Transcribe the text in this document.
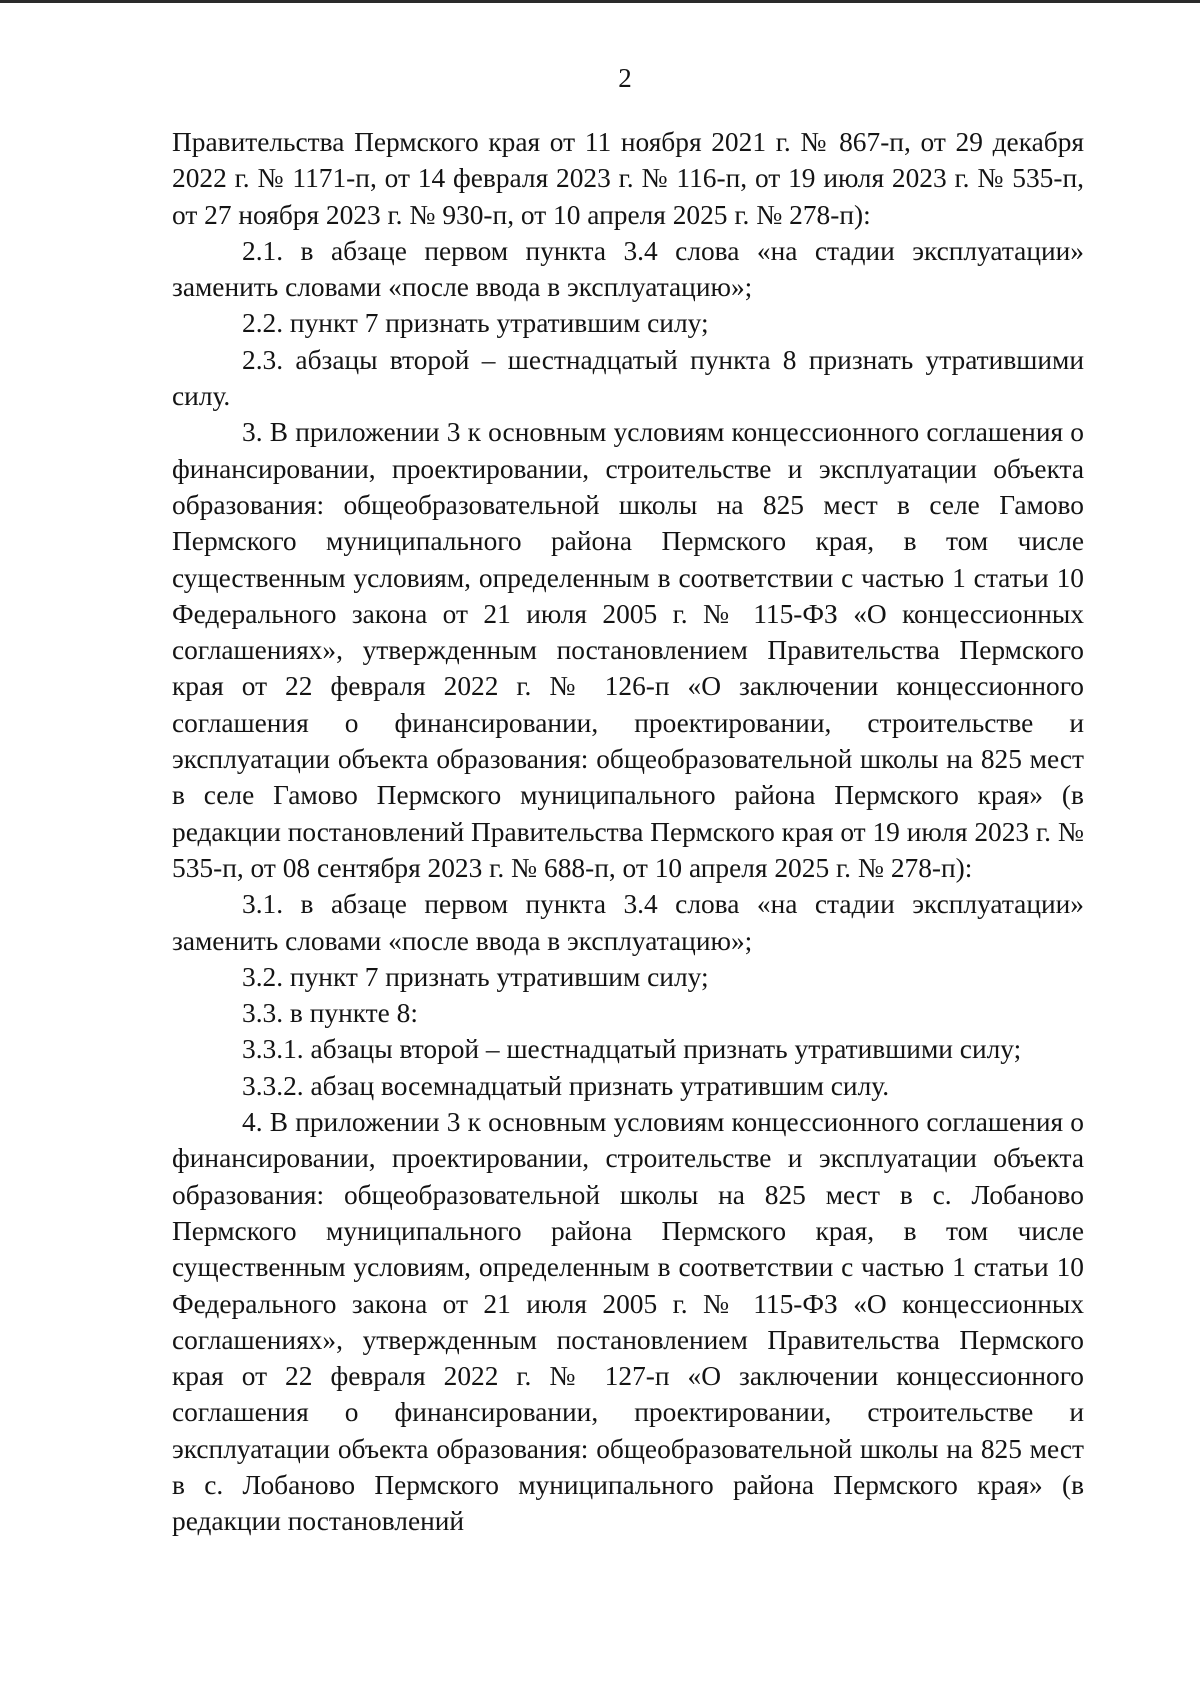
2

Правительства Пермского края от 11 ноября 2021 г. № 867-п, от 29 декабря 2022 г. № 1171-п, от 14 февраля 2023 г. № 116-п, от 19 июля 2023 г. № 535-п, от 27 ноября 2023 г. № 930-п, от 10 апреля 2025 г. № 278-п):

2.1. в абзаце первом пункта 3.4 слова «на стадии эксплуатации» заменить словами «после ввода в эксплуатацию»;

2.2. пункт 7 признать утратившим силу;

2.3. абзацы второй – шестнадцатый пункта 8 признать утратившими силу.

3. В приложении 3 к основным условиям концессионного соглашения о финансировании, проектировании, строительстве и эксплуатации объекта образования: общеобразовательной школы на 825 мест в селе Гамово Пермского муниципального района Пермского края, в том числе существенным условиям, определенным в соответствии с частью 1 статьи 10 Федерального закона от 21 июля 2005 г. № 115-ФЗ «О концессионных соглашениях», утвержденным постановлением Правительства Пермского края от 22 февраля 2022 г. № 126-п «О заключении концессионного соглашения о финансировании, проектировании, строительстве и эксплуатации объекта образования: общеобразовательной школы на 825 мест в селе Гамово Пермского муниципального района Пермского края» (в редакции постановлений Правительства Пермского края от 19 июля 2023 г. № 535-п, от 08 сентября 2023 г. № 688-п, от 10 апреля 2025 г. № 278-п):

3.1. в абзаце первом пункта 3.4 слова «на стадии эксплуатации» заменить словами «после ввода в эксплуатацию»;

3.2. пункт 7 признать утратившим силу;

3.3. в пункте 8:

3.3.1. абзацы второй – шестнадцатый признать утратившими силу;

3.3.2. абзац восемнадцатый признать утратившим силу.

4. В приложении 3 к основным условиям концессионного соглашения о финансировании, проектировании, строительстве и эксплуатации объекта образования: общеобразовательной школы на 825 мест в с. Лобаново Пермского муниципального района Пермского края, в том числе существенным условиям, определенным в соответствии с частью 1 статьи 10 Федерального закона от 21 июля 2005 г. № 115-ФЗ «О концессионных соглашениях», утвержденным постановлением Правительства Пермского края от 22 февраля 2022 г. № 127-п «О заключении концессионного соглашения о финансировании, проектировании, строительстве и эксплуатации объекта образования: общеобразовательной школы на 825 мест в с. Лобаново Пермского муниципального района Пермского края» (в редакции постановлений
